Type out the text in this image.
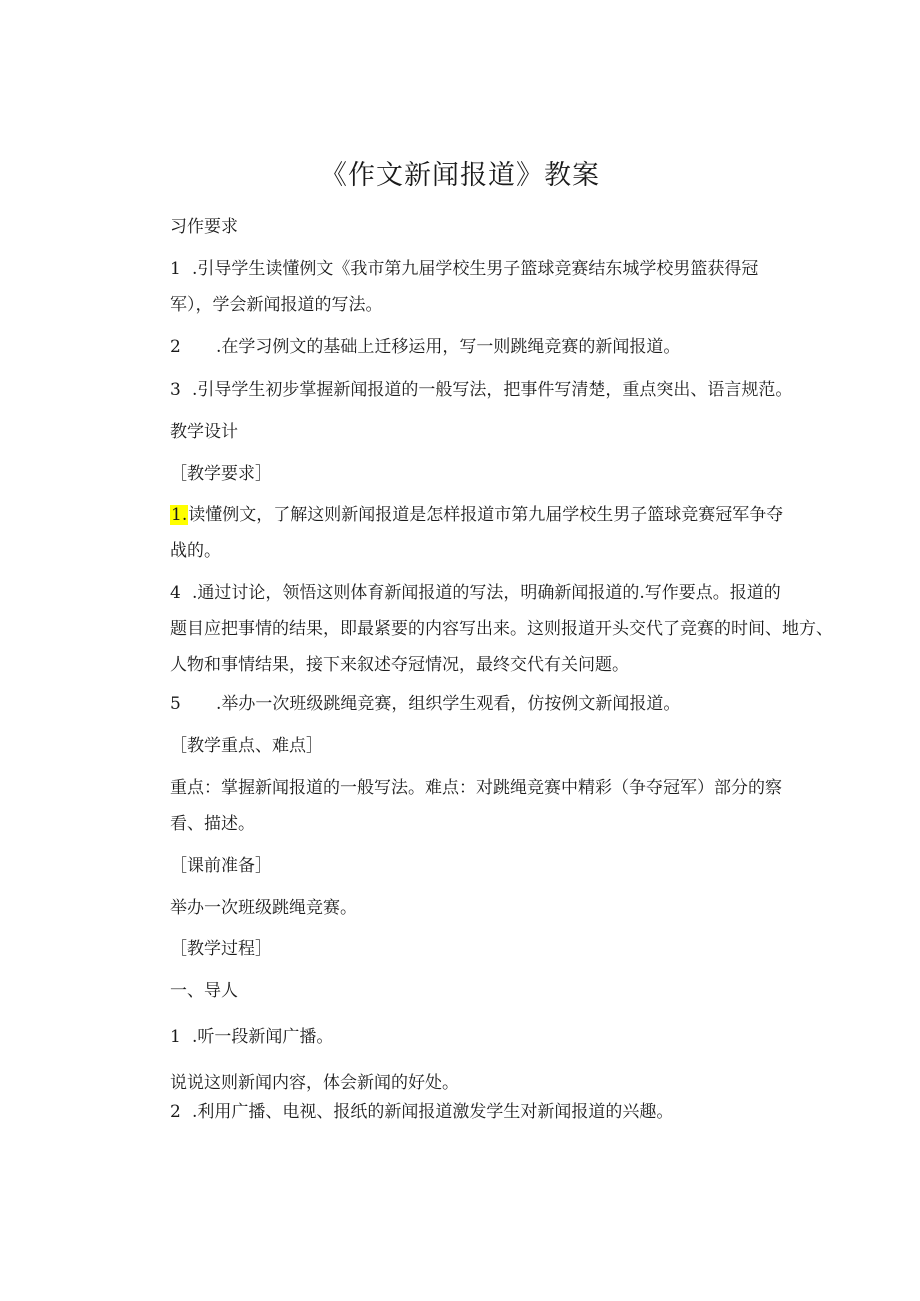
《作文新闻报道》教案
习作要求
1 .引导学生读懂例文《我市第九届学校生男子篮球竞赛结东城学校男篮获得冠
军），学会新闻报道的写法。
2 .在学习例文的基础上迁移运用，写一则跳绳竞赛的新闻报道。
3 .引导学生初步掌握新闻报道的一般写法，把事件写清楚，重点突出、语言规范。
教学设计
［教学要求］
1.读懂例文，了解这则新闻报道是怎样报道市第九届学校生男子篮球竞赛冠军争夺
战的。
4 .通过讨论，领悟这则体育新闻报道的写法，明确新闻报道的.写作要点。报道的
题目应把事情的结果，即最紧要的内容写出来。这则报道开头交代了竞赛的时间、地方、
人物和事情结果，接下来叙述夺冠情况，最终交代有关问题。
5 .举办一次班级跳绳竞赛，组织学生观看，仿按例文新闻报道。
［教学重点、难点］
重点：掌握新闻报道的一般写法。难点：对跳绳竞赛中精彩（争夺冠军）部分的察
看、描述。
［课前准备］
举办一次班级跳绳竞赛。
［教学过程］
一、导人
1 .听一段新闻广播。
说说这则新闻内容，体会新闻的好处。
2 .利用广播、电视、报纸的新闻报道激发学生对新闻报道的兴趣。
